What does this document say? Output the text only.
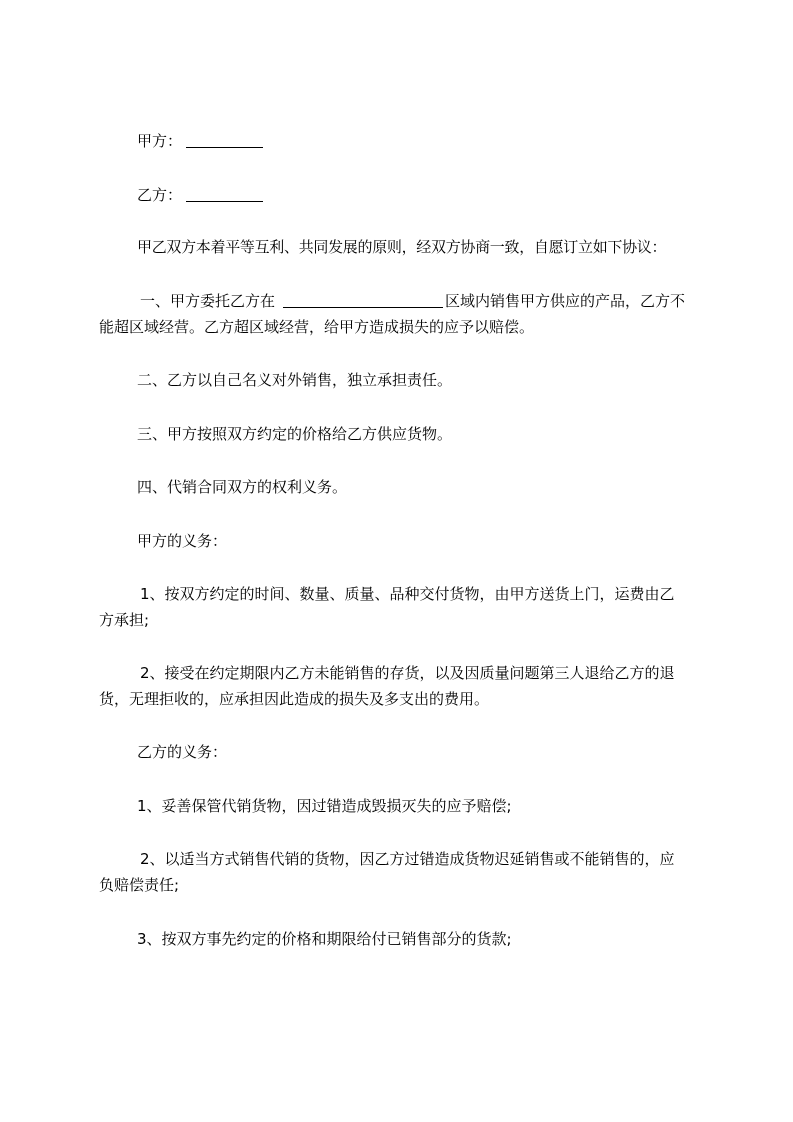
甲方：
乙方：
甲乙双方本着平等互利、共同发展的原则，经双方协商一致，自愿订立如下协议：
一、甲方委托乙方在	区域内销售甲方供应的产品，乙方不
能超区域经营。乙方超区域经营，给甲方造成损失的应予以赔偿。
二、乙方以自己名义对外销售，独立承担责任。
三、甲方按照双方约定的价格给乙方供应货物。
四、代销合同双方的权利义务。
甲方的义务：
1、按双方约定的时间、数量、质量、品种交付货物，由甲方送货上门，运费由乙
方承担;
2、接受在约定期限内乙方未能销售的存货，以及因质量问题第三人退给乙方的退
货，无理拒收的，应承担因此造成的损失及多支出的费用。
乙方的义务：
1、妥善保管代销货物，因过错造成毁损灭失的应予赔偿;
2、以适当方式销售代销的货物，因乙方过错造成货物迟延销售或不能销售的，应
负赔偿责任;
3、按双方事先约定的价格和期限给付已销售部分的货款;
